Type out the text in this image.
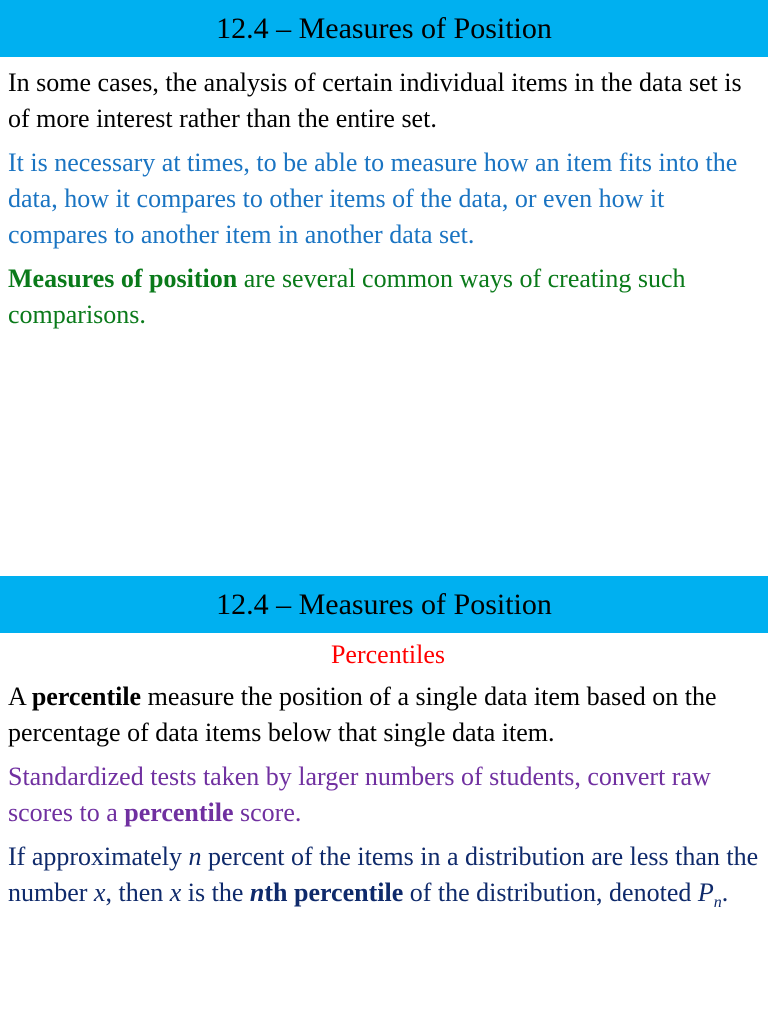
12.4 – Measures of Position

In some cases, the analysis of certain individual items in the data set is of more interest rather than the entire set.

It is necessary at times, to be able to measure how an item fits into the data, how it compares to other items of the data, or even how it compares to another item in another data set.

Measures of position are several common ways of creating such comparisons.

12.4 – Measures of Position

Percentiles

A percentile measure the position of a single data item based on the percentage of data items below that single data item.

Standardized tests taken by larger numbers of students, convert raw scores to a percentile score.

If approximately n percent of the items in a distribution are less than the number x, then x is the nth percentile of the distribution, denoted $P_n$.
